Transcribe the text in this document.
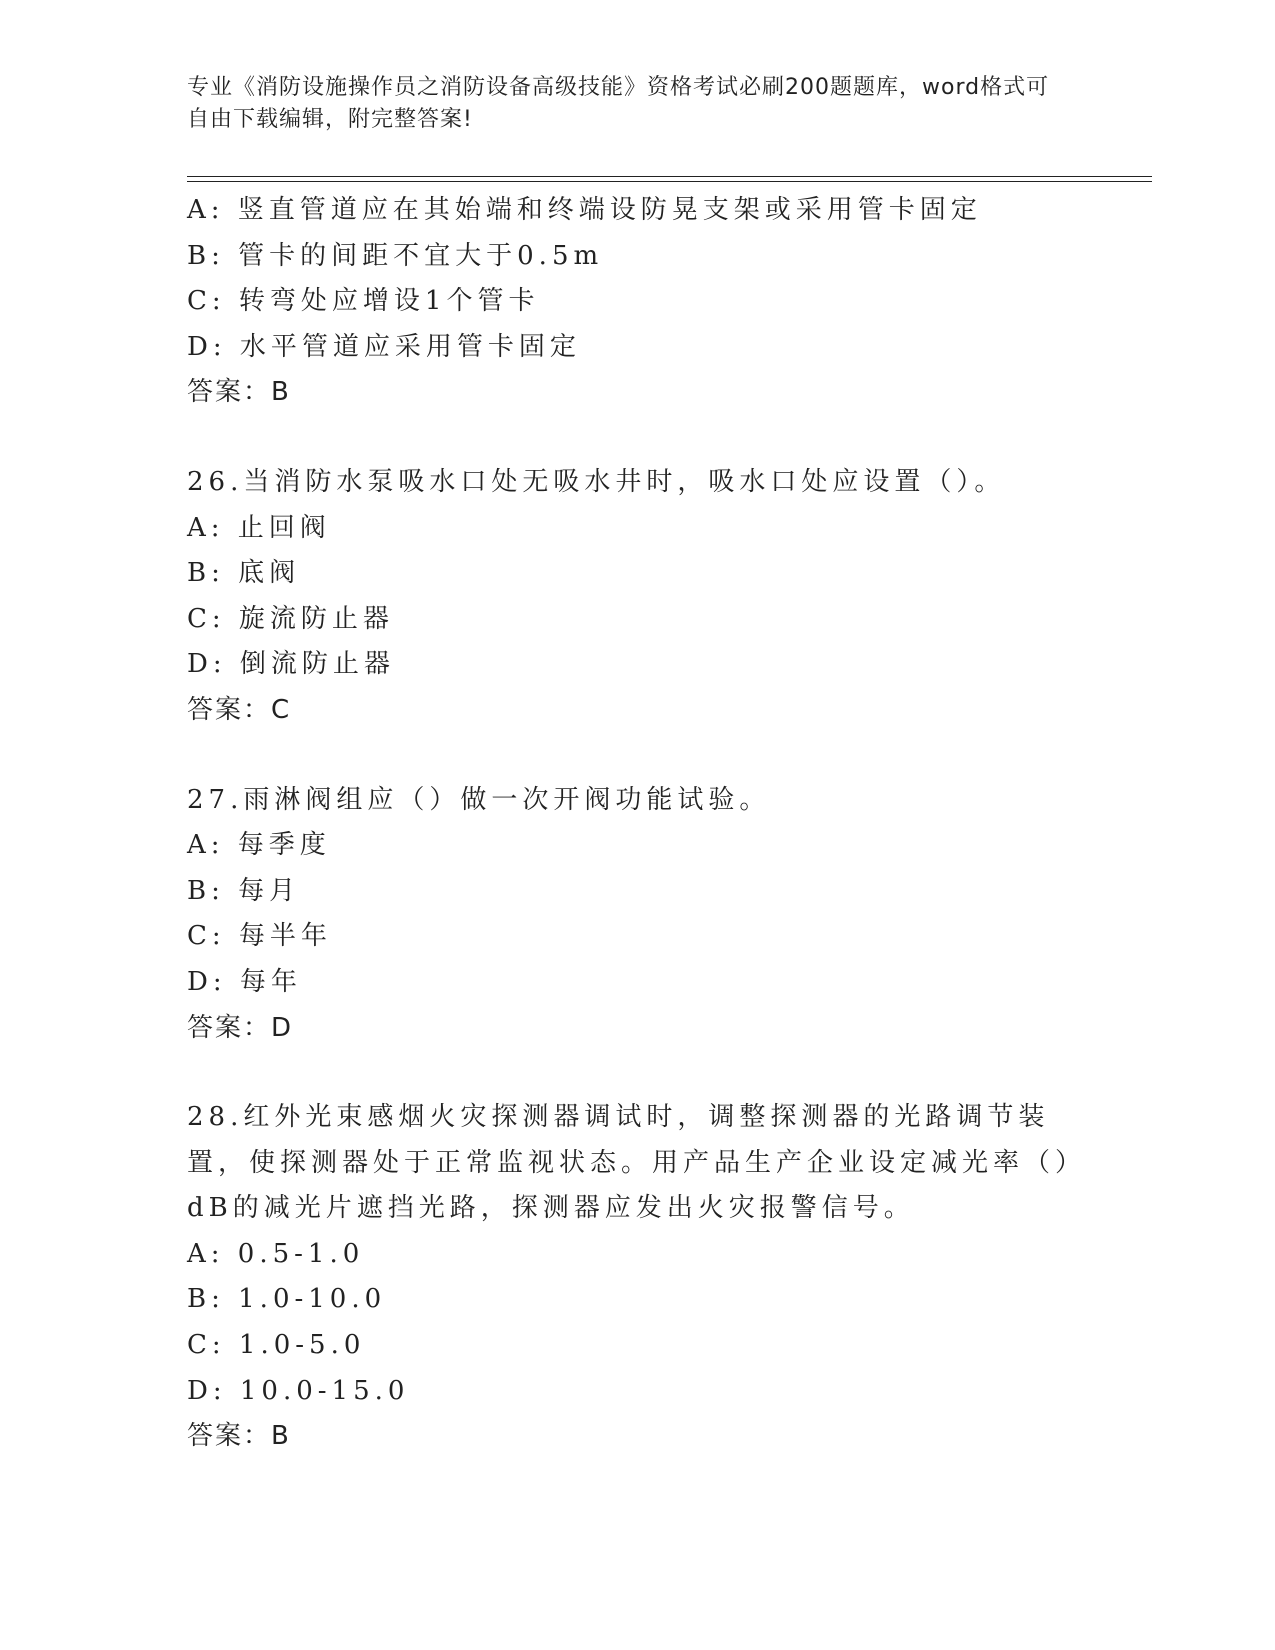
专业《消防设施操作员之消防设备高级技能》资格考试必刷200题题库，word格式可自由下载编辑，附完整答案!

A: 竖直管道应在其始端和终端设防晃支架或采用管卡固定
B: 管卡的间距不宜大于0.5m
C: 转弯处应增设1个管卡
D: 水平管道应采用管卡固定
答案：B
26.当消防水泵吸水口处无吸水井时，吸水口处应设置（）。
A: 止回阀
B: 底阀
C: 旋流防止器
D: 倒流防止器
答案：C
27.雨淋阀组应（）做一次开阀功能试验。
A: 每季度
B: 每月
C: 每半年
D: 每年
答案：D
28.红外光束感烟火灾探测器调试时，调整探测器的光路调节装置，使探测器处于正常监视状态。用产品生产企业设定减光率（）dB的减光片遮挡光路，探测器应发出火灾报警信号。
A: 0.5-1.0
B: 1.0-10.0
C: 1.0-5.0
D: 10.0-15.0
答案：B
